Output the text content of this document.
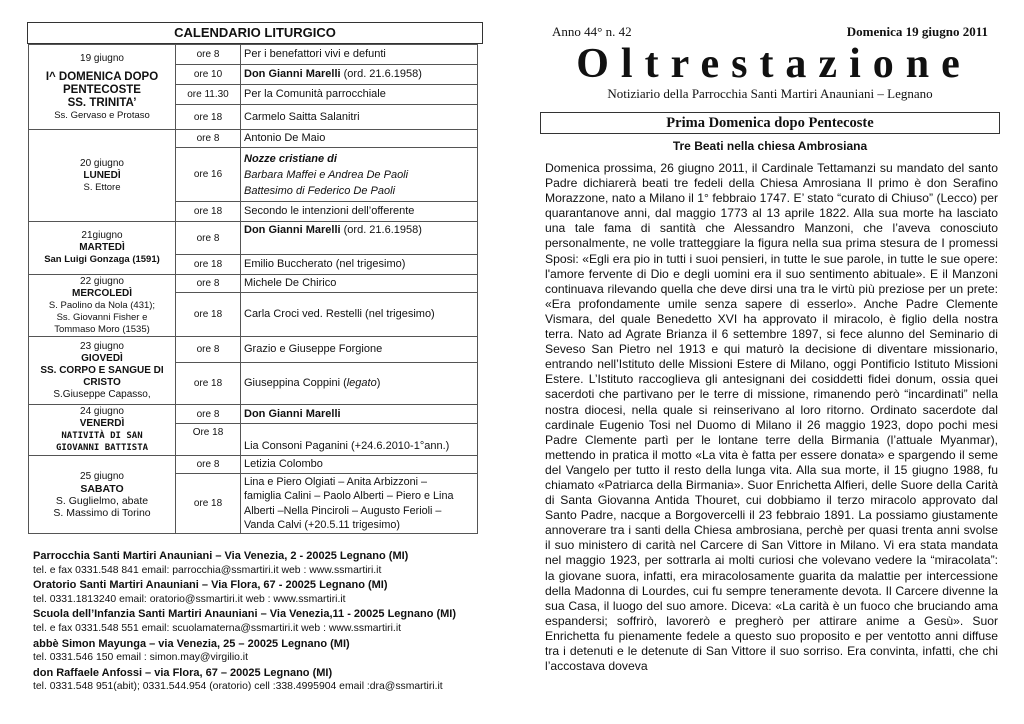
CALENDARIO LITURGICO
19 giugno
I^ DOMENICA DOPO
PENTECOSTE
SS. TRINITA’
Ss. Gervaso e Protaso	ore 8	Per i benefattori vivi e defunti
	ore 10	Don Gianni Marelli (ord. 21.6.1958)
	ore 11.30	Per la Comunità parrocchiale
	ore 18	Carmelo Saitta Salanitri

20 giugno
LUNEDÌ
S. Ettore	ore 8	Antonio De Maio
	ore 16	Nozze cristiane di
Barbara Maffei e Andrea De Paoli
Battesimo di Federico De Paoli
	ore 18	Secondo le intenzioni dell’offerente

21giugno
MARTEDÌ
San Luigi Gonzaga (1591)	ore 8	Don Gianni Marelli (ord. 21.6.1958)
	ore 18	Emilio Buccherato (nel trigesimo)

22 giugno
MERCOLEDÌ
S. Paolino da Nola (431);
Ss. Giovanni Fisher e
Tommaso Moro (1535)	ore 8	Michele De Chirico
	ore 18	Carla Croci ved. Restelli (nel trigesimo)

23 giugno
GIOVEDÌ
SS. CORPO E SANGUE DI
CRISTO
S.Giuseppe Capasso,	ore 8	Grazio e Giuseppe Forgione
	ore 18	Giuseppina Coppini (legato)

24 giugno
VENERDÌ
NATIVITÀ DI SAN
GIOVANNI BATTISTA	ore 8	Don Gianni Marelli
	Ore 18	Lia Consoni Paganini (+24.6.2010-1°ann.)

25 giugno
SABATO
S. Guglielmo, abate
S. Massimo di Torino	ore 8	Letizia Colombo
	ore 18	Lina e Piero Olgiati – Anita Arbizzoni –
famiglia Calini – Paolo Alberti – Piero e Lina
Alberti –Nella Pinciroli – Augusto Ferioli –
Vanda Calvi (+20.5.11 trigesimo)
Parrocchia Santi Martiri Anauniani – Via Venezia, 2 - 20025 Legnano (MI)
tel. e fax 0331.548 841 email: parrocchia@ssmartiri.it web : www.ssmartiri.it
Oratorio Santi Martiri Anauniani – Via Flora, 67 - 20025 Legnano (MI)
tel. 0331.1813240 email: oratorio@ssmartiri.it web : www.ssmartiri.it
Scuola dell’Infanzia Santi Martiri Anauniani – Via Venezia,11 - 20025 Legnano (MI)
tel. e fax 0331.548 551 email: scuolamaterna@ssmartiri.it web : www.ssmartiri.it
abbè Simon Mayunga – via Venezia, 25 – 20025 Legnano (MI)
tel. 0331.546 150 email : simon.may@virgilio.it
don Raffaele Anfossi – via Flora, 67 – 20025 Legnano (MI)
tel. 0331.548 951(abit); 0331.544.954 (oratorio) cell :338.4995904 email :dra@ssmartiri.it
Anno 44° n. 42	Domenica 19 giugno 2011
Oltrestazione
Notiziario della Parrocchia Santi Martiri Anauniani – Legnano
Prima Domenica dopo Pentecoste
Tre Beati nella chiesa Ambrosiana
Domenica prossima, 26 giugno 2011, il Cardinale Tettamanzi su mandato del santo Padre dichiarerà beati tre fedeli della Chiesa Amrosiana Il primo è don Serafino Morazzone, nato a Milano il 1° febbraio 1747. E’ stato “curato di Chiuso” (Lecco) per quarantanove anni, dal maggio 1773 al 13 aprile 1822. Alla sua morte ha lasciato una tale fama di santità che Alessandro Manzoni, che l’aveva conosciuto personalmente, ne volle tratteggiare la figura nella sua prima stesura de I promessi Sposi: «Egli era pio in tutti i suoi pensieri, in tutte le sue parole, in tutte le sue opere: l'amore fervente di Dio e degli uomini era il suo sentimento abituale». E il Manzoni continuava rilevando quella che deve dirsi una tra le virtù più preziose per un prete: «Era profondamente umile senza sapere di esserlo». Anche Padre Clemente Vismara, del quale Benedetto XVI ha approvato il miracolo, è figlio della nostra terra. Nato ad Agrate Brianza il 6 settembre 1897, si fece alunno del Seminario di Seveso San Pietro nel 1913 e qui maturò la decisione di diventare missionario, entrando nell’Istituto delle Missioni Estere di Milano, oggi Pontificio Istituto Missioni Estere. L’Istituto raccoglieva gli antesignani dei cosiddetti fidei donum, ossia quei sacerdoti che partivano per le terre di missione, rimanendo però “incardinati” nella nostra diocesi, nella quale si reinserivano al loro ritorno. Ordinato sacerdote dal cardinale Eugenio Tosi nel Duomo di Milano il 26 maggio 1923, dopo pochi mesi Padre Clemente partì per le lontane terre della Birmania (l’attuale Myanmar), mettendo in pratica il motto «La vita è fatta per essere donata» e spargendo il seme del Vangelo per tutto il resto della lunga vita. Alla sua morte, il 15 giugno 1988, fu chiamato «Patriarca della Birmania». Suor Enrichetta Alfieri, delle Suore della Carità di Santa Giovanna Antida Thouret, cui dobbiamo il terzo miracolo approvato dal Santo Padre, nacque a Borgovercelli il 23 febbraio 1891. La possiamo giustamente annoverare tra i santi della Chiesa ambrosiana, perchè per quasi trenta anni svolse il suo ministero di carità nel Carcere di San Vittore in Milano. Vi era stata mandata nel maggio 1923, per sottrarla ai molti curiosi che volevano vedere la “miracolata”: la giovane suora, infatti, era miracolosamente guarita da malattie per intercessione della Madonna di Lourdes, cui fu sempre teneramente devota. Il Carcere divenne la sua Casa, il luogo del suo amore. Diceva: «La carità è un fuoco che bruciando ama espandersi; soffrirò, lavorerò e pregherò per attirare anime a Gesù». Suor Enrichetta fu pienamente fedele a questo suo proposito e per ventotto anni diffuse tra i detenuti e le detenute di San Vittore il suo sorriso. Era convinta, infatti, che chi l’accostava doveva
